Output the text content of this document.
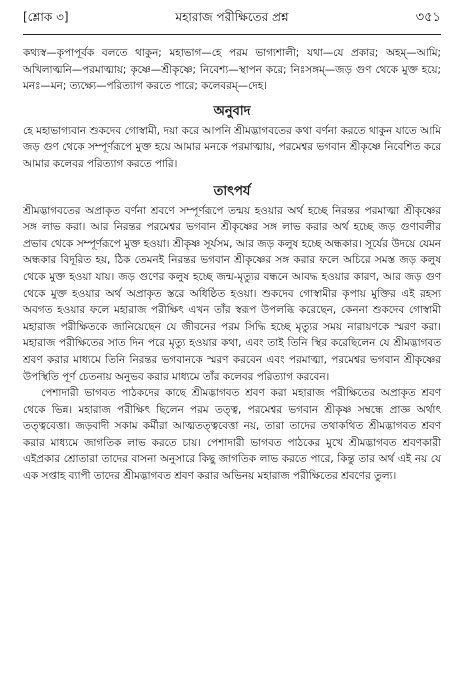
[শ্লোক ৩]	মহারাজ পরীক্ষিতের প্রশ্ন	৩৫১

কথ্যস্ব—কৃপাপূর্বক বলতে থাকুন; মহাভাগ—হে পরম ভাগ্যশালী; যথা—যে প্রকার; অহম্—আমি; অখিলাত্মনি—পরমাত্মায়; কৃষ্ণে—শ্রীকৃষ্ণে; নিবেশ্য—স্থাপন করে; নিঃসঙ্গম্—জড় গুণ থেকে মুক্ত হয়ে; মনঃ—মন; ত্যক্ষ্যে—পরিত্যাগ করতে পারে; কলেবরম্—দেহ।

অনুবাদ

হে মহাভাগ্যবান শুকদেব গোস্বামী, দয়া করে আপনি শ্রীমদ্ভাগবতের কথা বর্ণনা করতে থাকুন যাতে আমি জড় গুণ থেকে সম্পূর্ণরূপে মুক্ত হয়ে আমার মনকে পরমাত্মায়, পরমেশ্বর ভগবান শ্রীকৃষ্ণে নিবেশিত করে আমার কলেবর পরিত্যাগ করতে পারি।

তাৎপর্য

শ্রীমদ্ভাগবতের অপ্রাকৃত বর্ণনা শ্রবণে সম্পূর্ণরূপে তন্ময় হওয়ার অর্থ হচ্ছে নিরন্তর পরমাত্মা শ্রীকৃষ্ণের সঙ্গ লাভ করা। আর নিরন্তর পরমেশ্বর ভগবান শ্রীকৃষ্ণের সঙ্গ লাভ করার অর্থ হচ্ছে জড় গুণাবলীর প্রভাব থেকে সম্পূর্ণরূপে মুক্ত হওয়া। শ্রীকৃষ্ণ সূর্যসম, আর জড় কলুষ হচ্ছে অন্ধকার। সূর্যের উদয়ে যেমন অন্ধকার বিদূরিত হয়, ঠিক তেমনই নিরন্তর ভগবান শ্রীকৃষ্ণের সঙ্গ করার ফলে অচিরে সমস্ত জড় কলুষ থেকে মুক্ত হওয়া যায়। জড় গুণের কলুষ হচ্ছে জন্ম-মৃত্যুর বন্ধনে আবদ্ধ হওয়ার কারণ, আর জড় গুণ থেকে মুক্ত হওয়ার অর্থ অপ্রাকৃত স্তরে অধিষ্ঠিত হওয়া। শুকদেব গোস্বামীর কৃপায় মুক্তির এই রহস্য অবগত হওয়ার ফলে মহারাজ পরীক্ষিৎ এখন তাঁর স্বরূপ উপলব্ধি করেছেন, কেননা শুকদেব গোস্বামী মহারাজ পরীক্ষিতকে জানিয়েছেন যে জীবনের পরম সিদ্ধি হচ্ছে মৃত্যুর সময় নারায়ণকে স্মরণ করা। মহারাজ পরীক্ষিতের সাত দিন পরে মৃত্যু হওয়ার কথা, এবং তাই তিনি স্থির করেছিলেন যে শ্রীমদ্ভাগবত শ্রবণ করার মাধ্যমে তিনি নিরন্তর ভগবানকে স্মরণ করবেন এবং পরমাত্মা, পরমেশ্বর ভগবান শ্রীকৃষ্ণের উপস্থিতি পূর্ণ চেতনায় অনুভব করার মাধ্যমে তাঁর কলেবর পরিত্যাগ করবেন।

পেশাদারী ভাগবত পাঠকদের কাছে শ্রীমদ্ভাগবত শ্রবণ করা মহারাজ পরীক্ষিতের অপ্রাকৃত শ্রবণ থেকে ভিন্ন। মহারাজ পরীক্ষিৎ ছিলেন পরম তত্ত্ব, পরমেশ্বর ভগবান শ্রীকৃষ্ণ সম্বন্ধে প্রাজ্ঞ অর্থাৎ তত্ত্ববেত্তা। জড়বাদী সকাম কর্মীরা আত্মতত্ত্ববেত্তা নয়, তারা তাদের তথাকথিত শ্রীমদ্ভাগবত শ্রবণ করার মাধ্যমে জাগতিক লাভ করতে চায়। পেশাদারী ভাগবত পাঠকের মুখে শ্রীমদ্ভাগবত শ্রবণকারী এইপ্রকার শ্রোতারা তাদের বাসনা অনুসারে কিছু জাগতিক লাভ করতে পারে, কিন্তু তার অর্থ এই নয় যে এক সপ্তাহ ব্যাপী তাদের শ্রীমদ্ভাগবত শ্রবণ করার অভিনয় মহারাজ পরীক্ষিতের শ্রবণের তুল্য।
